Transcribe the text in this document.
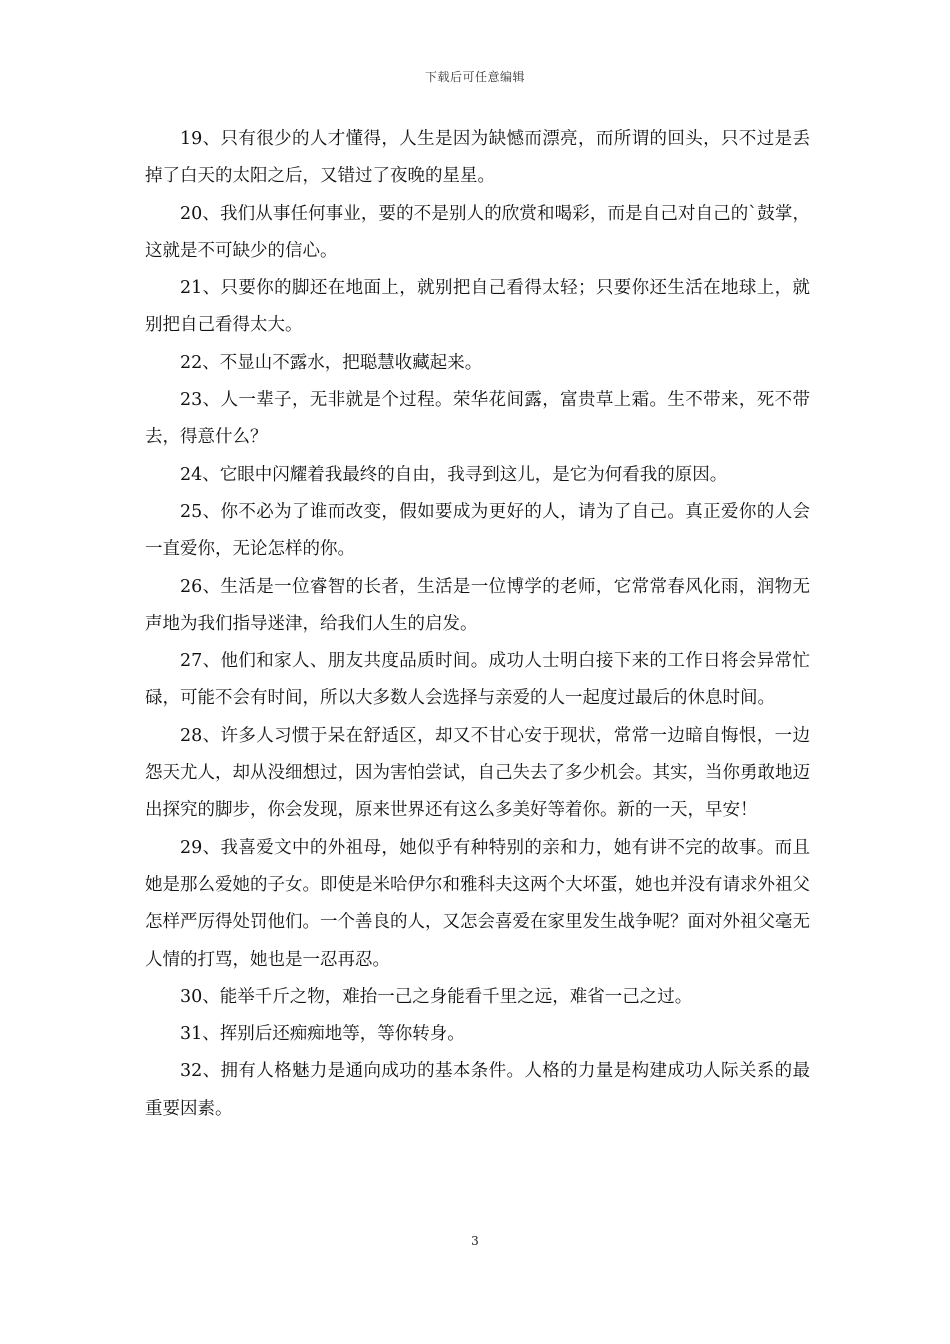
下载后可任意编辑

19、只有很少的人才懂得，人生是因为缺憾而漂亮，而所谓的回头，只不过是丢掉了白天的太阳之后，又错过了夜晚的星星。

20、我们从事任何事业，要的不是别人的欣赏和喝彩，而是自己对自己的`鼓掌，这就是不可缺少的信心。

21、只要你的脚还在地面上，就别把自己看得太轻；只要你还生活在地球上，就别把自己看得太大。

22、不显山不露水，把聪慧收藏起来。

23、人一辈子，无非就是个过程。荣华花间露，富贵草上霜。生不带来，死不带去，得意什么？

24、它眼中闪耀着我最终的自由，我寻到这儿，是它为何看我的原因。

25、你不必为了谁而改变，假如要成为更好的人，请为了自己。真正爱你的人会一直爱你，无论怎样的你。

26、生活是一位睿智的长者，生活是一位博学的老师，它常常春风化雨，润物无声地为我们指导迷津，给我们人生的启发。

27、他们和家人、朋友共度品质时间。成功人士明白接下来的工作日将会异常忙碌，可能不会有时间，所以大多数人会选择与亲爱的人一起度过最后的休息时间。

28、许多人习惯于呆在舒适区，却又不甘心安于现状，常常一边暗自悔恨，一边怨天尤人，却从没细想过，因为害怕尝试，自己失去了多少机会。其实，当你勇敢地迈出探究的脚步，你会发现，原来世界还有这么多美好等着你。新的一天，早安！

29、我喜爱文中的外祖母，她似乎有种特别的亲和力，她有讲不完的故事。而且她是那么爱她的子女。即使是米哈伊尔和雅科夫这两个大坏蛋，她也并没有请求外祖父怎样严厉得处罚他们。一个善良的人，又怎会喜爱在家里发生战争呢？面对外祖父毫无人情的打骂，她也是一忍再忍。

30、能举千斤之物，难抬一己之身能看千里之远，难省一己之过。

31、挥别后还痴痴地等，等你转身。

32、拥有人格魅力是通向成功的基本条件。人格的力量是构建成功人际关系的最重要因素。

3
